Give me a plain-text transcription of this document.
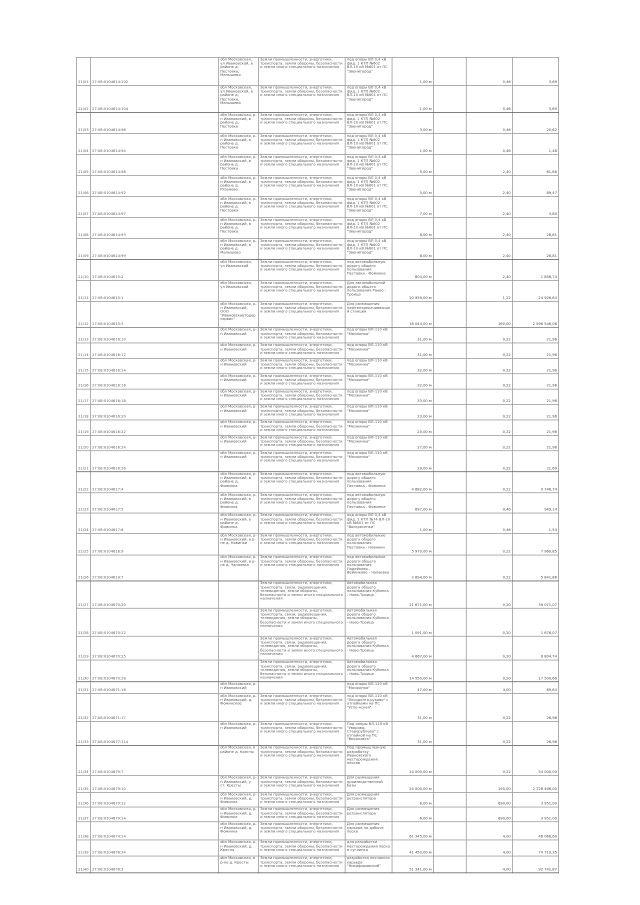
21/01	27:08:0104614:102	обл Московская, ул Ивановской, в районе д. Пестовка, Малышево	Земли промышленности, энергетики, транспорта, земли обороны, безопасности и земли иного специального назначения	под опоры ВЛ 0,4 кВ фид. 1 КТП №602 ВЛ-10 кВ №601 от ПС "Звенигород"	1,00 м		0,46	3,69
21/02	27:08:0104614:104	обл Московская, ул Ивановской, в районе д. Пестовка, Малышево	Земли промышленности, энергетики, транспорта, земли обороны, безопасности и земли иного специального назначения	под опоры ВЛ 0,4 кВ фид. 1 КТП №602 ВЛ-10 кВ №601 от ПС "Звенигород"	1,00 м		0,46	3,69
21/03	27:08:0104614:96	обл Московская, р-н Ивановский, в районе д. Пестовка	Земли промышленности, энергетики, транспорта, земли обороны, безопасности и земли иного специального назначения	под опоры ВЛ 0,4 кВ фид. 1 КТП №602 ВЛ-10 кВ №601 от ПС "Звенигород"	3,00 м		0,46	20,62
21/04	27:08:0104614:94	обл Московская, р-н Ивановский, в районе д. Пестовка	Земли промышленности, энергетики, транспорта, земли обороны, безопасности и земли иного специального назначения	под опоры ВЛ 0,4 кВ фид. 1 КТП №602 ВЛ-10 кВ №601 от ПС "Звенигород"	1,00 м		0,46	1,48
21/05	27:08:0104614:98	обл Московская, р-н Ивановский, в районе д. Пестовка	Земли промышленности, энергетики, транспорта, земли обороны, безопасности и земли иного специального назначения	под опоры ВЛ 0,4 кВ фид. 1 КТП №602 ВЛ-10 кВ №601 от ПС "Звенигород"	5,00 м		2,40	61,86
21/06	27:08:0104614:92	обл Московская, р-н Ивановский, в районе д. Рязаново	Земли промышленности, энергетики, транспорта, земли обороны, безопасности и земли иного специального назначения	под опоры ВЛ 0,4 кВ фид. 1 КТП №602 ВЛ-10 кВ №601 от ПС "Звенигород"	5,00 м		2,40	89,47
21/07	27:08:0104614:97	обл Московская, р-н Ивановский, в районе д. Пестовка	Земли промышленности, энергетики, транспорта, земли обороны, безопасности и земли иного специального назначения	под опоры ВЛ 0,4 кВ фид. 1 КТП №602 ВЛ-10 кВ №601 от ПС "Звенигород"	7,00 м		2,40	3,80
21/08	27:08:0104614:93	обл Московская, р-н Ивановский, в районе д. Пестовка	Земли промышленности, энергетики, транспорта, земли обороны, безопасности и земли иного специального назначения	под опоры ВЛ 0,4 кВ фид. 1 КТП №602 ВЛ-10 кВ №601 от ПС "Звенигород"	8,00 м		2,40	28,81
21/09	27:08:0104614:99	обл Московская, р-н Ивановский, в районе д. Малышево	Земли промышленности, энергетики, транспорта, земли обороны, безопасности и земли иного специального назначения	под опоры ВЛ 0,4 кВ фид. 1 КТП №602 ВЛ-10 кВ №601 от ПС "Звенигород"	8,00 м		2,40	28,81
21/10	27:08:0104615:2	обл Московская, ул Ивановской	Земли промышленности, энергетики, транспорта, земли обороны, безопасности и земли иного специального назначения	под автомобильную дорогу общего пользования Пестовка - Фоминка	804,00 м		2,40	1 856,74
21/11	27:08:0104615:1	обл Московская, ул Ивановской	Земли промышленности, энергетики, транспорта, земли обороны, безопасности и земли иного специального назначения	Для автомобильной дороги общего пользования Раево - Троица	20 959,00 м		1,22	24 926,84
21/12	27:08:0104615:3	обл Московская, р-н Ивановский, ООО "Ивановскавтодорсервис"	Земли промышленности, энергетики, транспорта, земли обороны, безопасности и земли иного специального назначения	Для размещения нефтеперекачивающей станции	16 044,00 м		160,00	2 596 546,08
21/13	27:08:0104616:10	обл Московская, р-н Ивановский	Земли промышленности, энергетики, транспорта, земли обороны, безопасности и земли иного специального назначения	под опоры ВЛ-110 кВ "Мозжинка"	31,00 м		0,22	21,96
21/14	27:08:0104616:12	обл Московская, р-н Ивановский	Земли промышленности, энергетики, транспорта, земли обороны, безопасности и земли иного специального назначения	под опоры ВЛ-110 кВ "Мозжинка"	31,00 м		0,22	21,96
21/15	27:08:0104616:14	обл Московская, р-н Ивановский	Земли промышленности, энергетики, транспорта, земли обороны, безопасности и земли иного специального назначения	под опоры ВЛ-110 кВ "Мозжинка"	32,00 м		0,22	21,96
21/16	27:08:0104616:16	обл Московская, р-н Ивановский	Земли промышленности, энергетики, транспорта, земли обороны, безопасности и земли иного специального назначения	под опоры ВЛ-110 кВ "Мозжинка"	32,00 м		0,22	21,96
21/17	27:08:0104616:18	обл Московская, р-н Ивановский	Земли промышленности, энергетики, транспорта, земли обороны, безопасности и земли иного специального назначения	под опоры ВЛ-110 кВ "Мозжинка"	33,00 м		0,22	21,96
21/18	27:08:0104616:20	обл Московская, р-н Ивановский	Земли промышленности, энергетики, транспорта, земли обороны, безопасности и земли иного специального назначения	под опоры ВЛ-110 кВ "Мозжинка"	23,00 м		0,22	21,96
21/19	27:08:0104616:22	обл Московская, р-н Ивановский	Земли промышленности, энергетики, транспорта, земли обороны, безопасности и земли иного специального назначения	под опоры ВЛ-110 кВ "Мозжинка"	25,00 м		0,22	21,96
21/20	27:08:0104616:24	обл Московская, р-н Ивановский	Земли промышленности, энергетики, транспорта, земли обороны, безопасности и земли иного специального назначения	под опоры ВЛ-110 кВ "Мозжинка"	27,00 м		0,22	21,96
21/21	27:08:0104616:26	обл Московская, р-н Ивановский	Земли промышленности, энергетики, транспорта, земли обороны, безопасности и земли иного специального назначения	под опоры ВЛ-110 кВ "Мозжинка"	29,00 м		0,22	21,69
21/22	27:08:0104617:4	обл Московская, р-н Ивановский, в районе д. Фоминка	Земли промышленности, энергетики, транспорта, земли обороны, безопасности и земли иного специального назначения	под автомобильную дорогу общего пользования Пестовка - Фоминка	4 682,00 м		0,22	9 746,74
21/23	27:08:0104617:5	обл Московская, р-н Ивановский, в районе д. Фоминка	Земли промышленности, энергетики, транспорта, земли обороны, безопасности и земли иного специального назначения	под автомобильную дорогу общего пользования Пестовка - Фоминка	697,00 м		0,46	949,14
21/24	27:08:0104617:6	обл Московская, р-н Ивановский, в районе д. Фоминка	Земли промышленности, энергетики, транспорта, земли обороны, безопасности и земли иного специального назначения	под опоры ВЛ 0,4 кВ фид. 1 КТП №74 ВЛ-10 кВ №601 от ПС "Воскресенки"	1,00 м		0,46	1,54
21/25	27:08:0104618:9	обл Московская, р-н Ивановский, в р-не д. Новинки	Земли промышленности, энергетики, транспорта, земли обороны, безопасности и земли иного специального назначения	под автомобильную дорогу общего пользования Пестовка - Новинки	5 970,00 м		0,22	7 960,85
21/26	27:08:0104619:7	обл Московская, р-н Ивановский, в р-не д. Чапаевка	Земли промышленности, энергетики, транспорта, земли обороны, безопасности и земли иного специального назначения	под автомобильные дороги общего пользования Ладейково - Вейниково - Чапаевка	2 894,00 м		0,22	5 841,86
21/27	27:08:0104670:20		Земли промышленности, энергетики, транспорта, связи, радиовещания, телевидения, земли обороны, безопасности и земли иного специального назначения	Автомобильная дорога общего пользования Кубинка - Ново-Троица	21 671,00 м		0,20	39 071,07
21/28	27:08:0104670:22		Земли промышленности, энергетики, транспорта, связи, радиовещания, телевидения, земли обороны, безопасности и земли иного специального назначения	Автомобильная дорога общего пользования Кубинка - Ново-Троица	1 091,00 м		0,20	1 876,07
21/29	27:08:0104670:25		Земли промышленности, энергетики, транспорта, связи, радиовещания, телевидения, земли обороны, безопасности и земли иного специального назначения	Автомобильная дорога общего пользования Кубинка - Ново-Троица	4 667,00 м		0,20	6 804,74
21/30	27:08:0104670:28		Земли промышленности, энергетики, транспорта, связи, радиовещания, телевидения, земли обороны, безопасности и земли иного специального назначения	Автомобильная дорога общего пользования Кубинка - Ново-Троица	14 550,00 м		0,20	17 500,66
21/31	27:08:0104671:16	обл Московская, р-н Ивановский		под опоры ВЛ-110 кВ "Мозжинка"	47,00 м		4,00	69,84
21/32	27:08:0104671:17	обл Московская, р-н Ивановский, д. Фоминское	Земли промышленности, энергетики, транспорта, земли обороны, безопасности и земли иного специального назначения	под опоры ВЛ-110 кВ "Лесодолго-руково" с отпайками на ПС "Успе-нская"	31,00 м		0,22	26,98
21/33	27:08:0104677:114	обл Московская, р-н Ивановский	Земли промышленности, энергетики, транспорта, земли обороны, безопасности и земли иного специального назначения	Под опоры ВЛ-110 кВ "Уварово-Старорублево" с отпайкой на ПС "Высоковск"	31,00 м		0,22	26,98
21/34	27:08:0104679:7	обл Московская, в районе д. Кресты	Земли промышленности, энергетики, транспорта, земли обороны, безопасности и земли иного специального назначения	Под промышленную разработку Ивановского месторождения песков	24 000,00 м		0,22	54 000,00
21/35	27:08:0104679:10	обл Московская, р-н Ивановский, у ст. Кресты	Земли промышленности, энергетики, транспорта, земли обороны, безопасности и земли иного специального назначения	Для размещения производственной базы	24 000,00 м		190,00	2 728 496,00
21/36	27:08:0104679:12	обл Московская, р-н Ивановский, д. Фоминка	Земли промышленности, энергетики, транспорта, земли обороны, безопасности и земли иного специального назначения	Для размещения ретранслятора	6,00 м		690,00	3 951,00
21/37	27:08:0104679:14	обл Московская, р-н Ивановский, д. Фоминка	Земли промышленности, энергетики, транспорта, земли обороны, безопасности и земли иного специального назначения	Для размещения ретранслятора	6,00 м		690,00	3 951,00
21/38	27:08:0104674:14	обл Московская, р-н Ивановский, д. Фоминка	Земли промышленности, энергетики, транспорта, земли обороны, безопасности и земли иного специального назначения	Для размещения карьера по добыче песка	61 345,00 м		4,00	46 066,60
21/39	27:08:0104676:34	обл Московская, р-н Ивановский, д. Кресты	Земли промышленности, энергетики, транспорта, земли обороны, безопасности и земли иного специального назначения	для разработки месторождения песка и суглинка	41 450,00 м		4,00	74 719,35
21/40	27:08:0104676:3	обл Московская, в р-не д. Кресты	Земли промышленности, энергетики, транспорта, земли обороны, безопасности и земли иного специального назначения	разработка песчаного карьера "Никифоровский"	51 341,00 м		4,00	92 742,87
